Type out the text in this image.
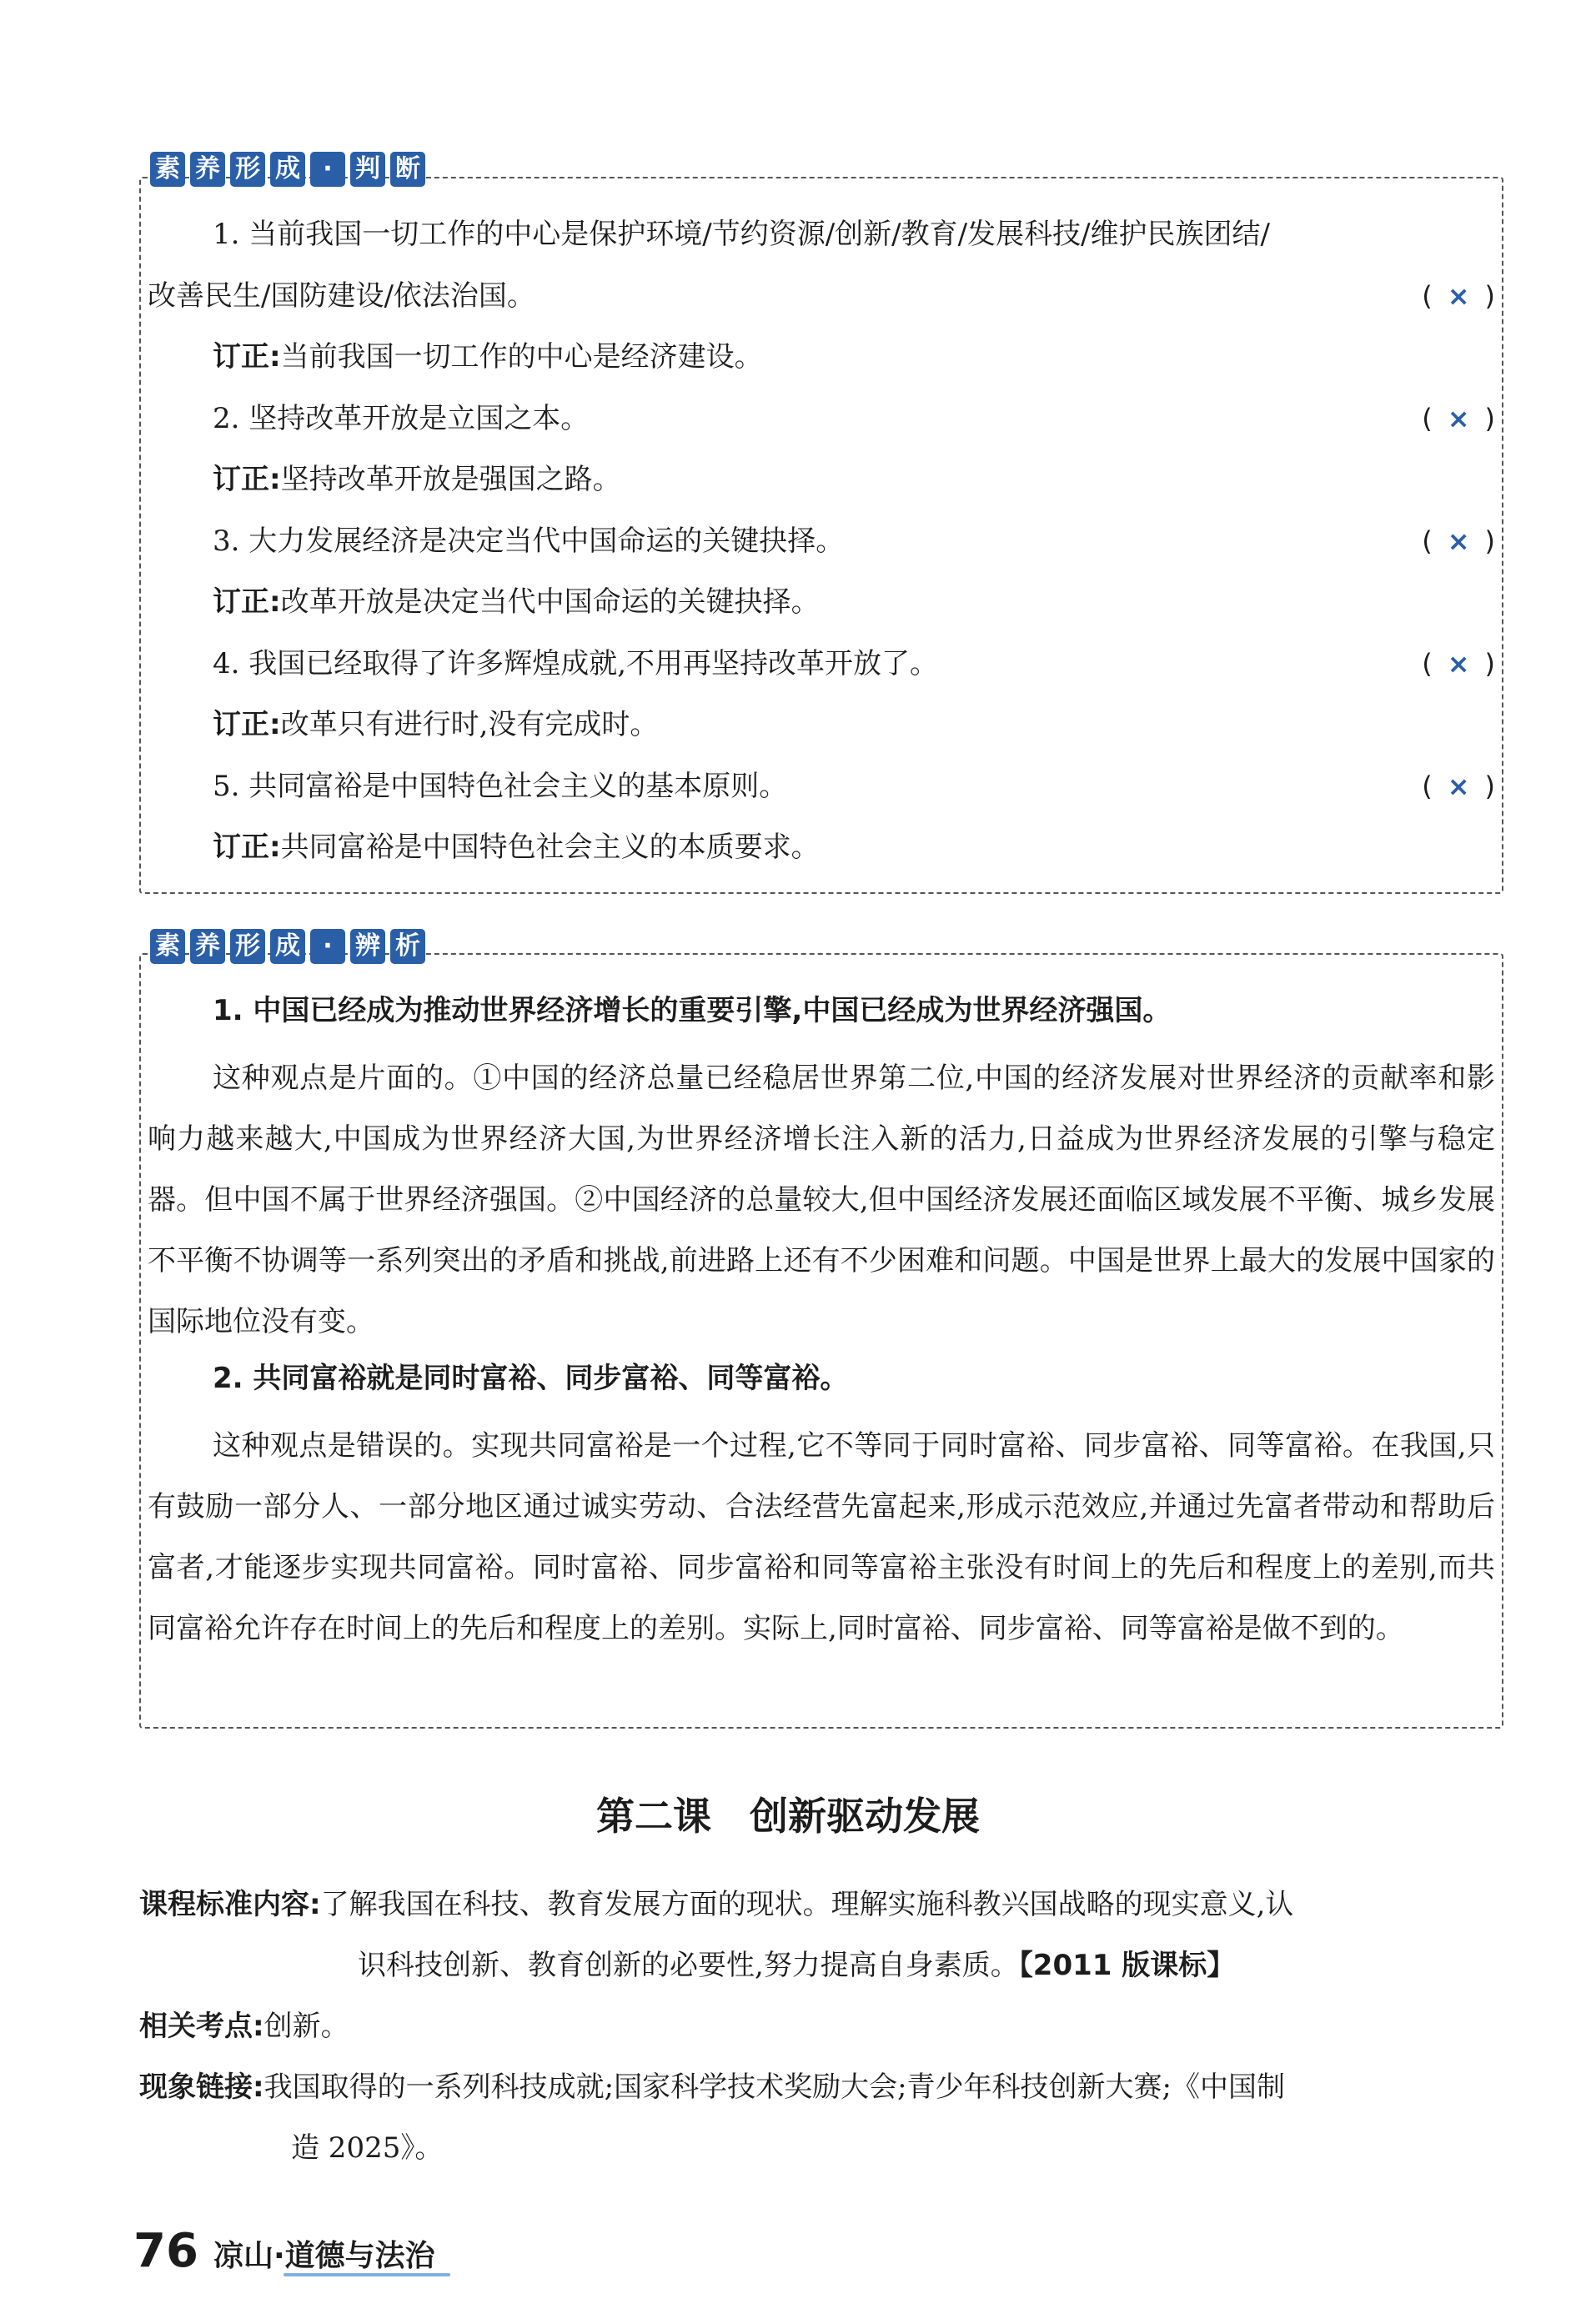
素 养 形 成 · 判 断
1. 当前我国一切工作的中心是保护环境/节约资源/创新/教育/发展科技/维护民族团结/
改善民生/国防建设/依法治国。	( × )
订正:当前我国一切工作的中心是经济建设。
2. 坚持改革开放是立国之本。	( × )
订正:坚持改革开放是强国之路。
3. 大力发展经济是决定当代中国命运的关键抉择。	( × )
订正:改革开放是决定当代中国命运的关键抉择。
4. 我国已经取得了许多辉煌成就,不用再坚持改革开放了。	( × )
订正:改革只有进行时,没有完成时。
5. 共同富裕是中国特色社会主义的基本原则。	( × )
订正:共同富裕是中国特色社会主义的本质要求。
素 养 形 成 · 辨 析
1. 中国已经成为推动世界经济增长的重要引擎,中国已经成为世界经济强国。
这种观点是片面的。①中国的经济总量已经稳居世界第二位,中国的经济发展对世界经济的贡献率和影响力越来越大,中国成为世界经济大国,为世界经济增长注入新的活力,日益成为世界经济发展的引擎与稳定器。但中国不属于世界经济强国。②中国经济的总量较大,但中国经济发展还面临区域发展不平衡、城乡发展不平衡不协调等一系列突出的矛盾和挑战,前进路上还有不少困难和问题。中国是世界上最大的发展中国家的国际地位没有变。
2. 共同富裕就是同时富裕、同步富裕、同等富裕。
这种观点是错误的。实现共同富裕是一个过程,它不等同于同时富裕、同步富裕、同等富裕。在我国,只有鼓励一部分人、一部分地区通过诚实劳动、合法经营先富起来,形成示范效应,并通过先富者带动和帮助后富者,才能逐步实现共同富裕。同时富裕、同步富裕和同等富裕主张没有时间上的先后和程度上的差别,而共同富裕允许存在时间上的先后和程度上的差别。实际上,同时富裕、同步富裕、同等富裕是做不到的。
第二课　创新驱动发展
课程标准内容:了解我国在科技、教育发展方面的现状。理解实施科教兴国战略的现实意义,认
识科技创新、教育创新的必要性,努力提高自身素质。【2011 版课标】
相关考点:创新。
现象链接:我国取得的一系列科技成就;国家科学技术奖励大会;青少年科技创新大赛;《中国制
造 2025》。
76 凉山·道德与法治
